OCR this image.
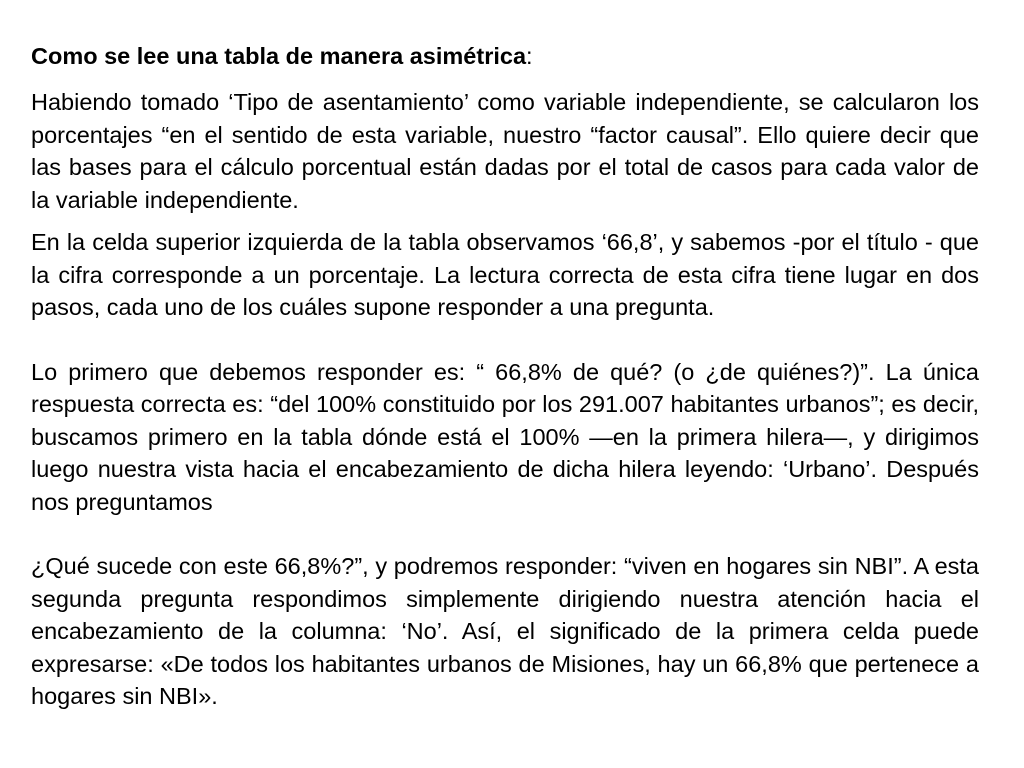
Como se lee una tabla de manera asimétrica:

Habiendo tomado ‘Tipo de asentamiento’ como variable independiente, se calcularon los porcentajes “en el sentido de esta variable, nuestro “factor causal”. Ello quiere decir que las bases para el cálculo porcentual están dadas por el total de casos para cada valor de la variable independiente.

En la celda superior izquierda de la tabla observamos ‘66,8’, y sabemos -por el título - que la cifra corresponde a un porcentaje. La lectura correcta de esta cifra tiene lugar en dos pasos, cada uno de los cuáles supone responder a una pregunta.

Lo primero que debemos responder es: “ 66,8% de qué? (o ¿de quiénes?)”. La única respuesta correcta es: “del 100% constituido por los 291.007 habitantes urbanos”; es decir, buscamos primero en la tabla dónde está el 100% —en la primera hilera—, y dirigimos luego nuestra vista hacia el encabezamiento de dicha hilera leyendo: ‘Urbano’. Después nos preguntamos

¿Qué sucede con este 66,8%?”, y podremos responder: “viven en hogares sin NBI”. A esta segunda pregunta respondimos simplemente dirigiendo nuestra atención hacia el encabezamiento de la columna: ‘No’. Así, el significado de la primera celda puede expresarse: «De todos los habitantes urbanos de Misiones, hay un 66,8% que pertenece a hogares sin NBI».
